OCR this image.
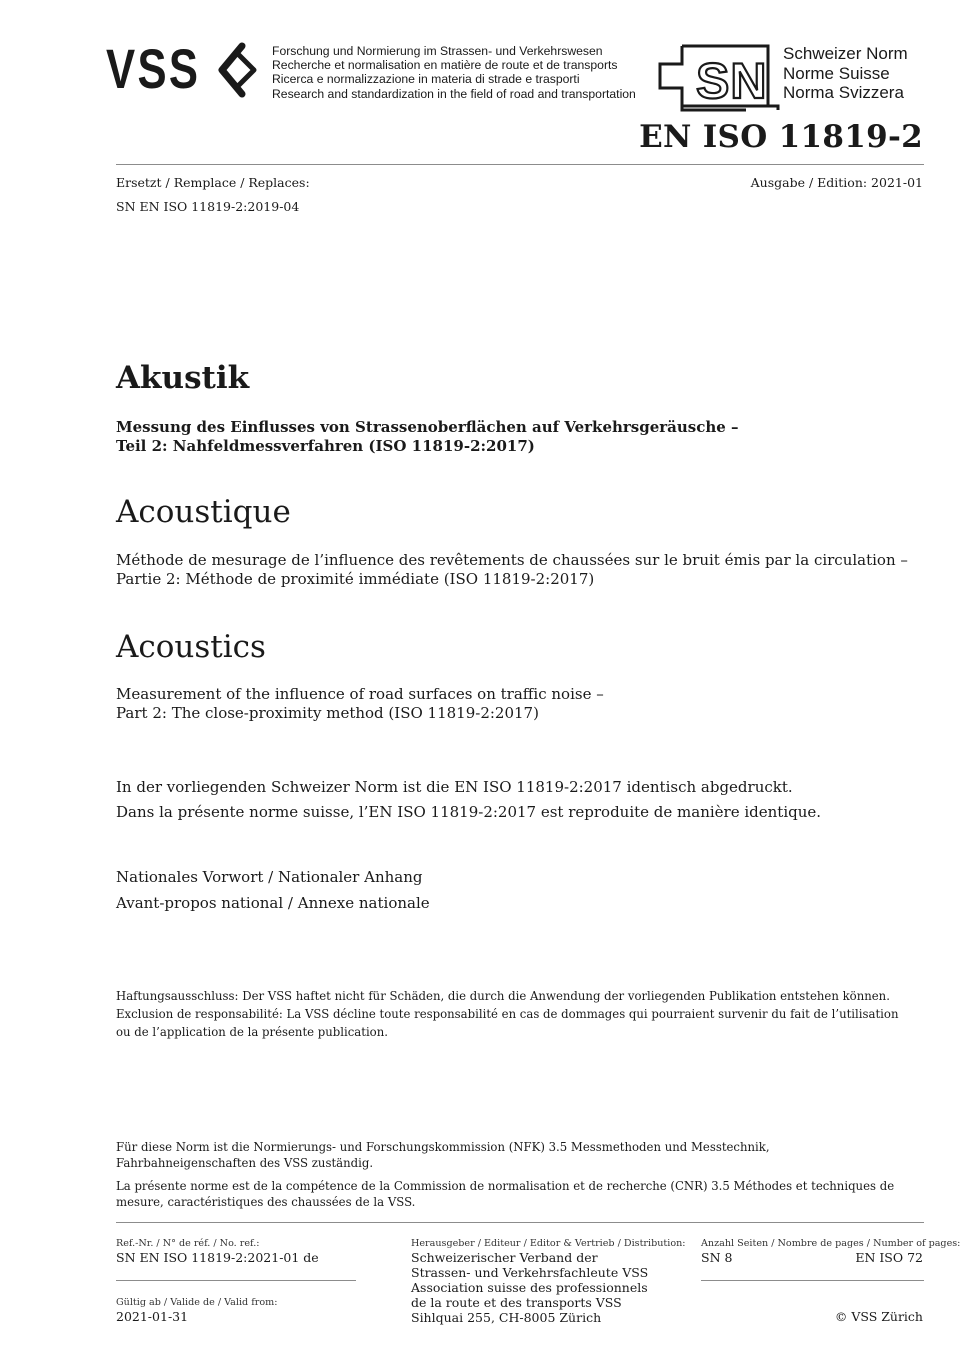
VSS	Forschung und Normierung im Strassen- und Verkehrswesen
Recherche et normalisation en matière de route et de transports
Ricerca e normalizzazione in materia di strade e trasporti
Research and standardization in the field of road and transportation SN Schweizer Norm
Norme Suisse
Norma Svizzera
EN ISO 11819-2
Ersetzt / Remplace / Replaces:	Ausgabe / Edition: 2021-01
SN EN ISO 11819-2:2019-04
Akustik
Messung des Einflusses von Strassenoberflächen auf Verkehrsgeräusche –
Teil 2: Nahfeldmessverfahren (ISO 11819-2:2017)
Acoustique
Méthode de mesurage de l’influence des revêtements de chaussées sur le bruit émis par la circulation –
Partie 2: Méthode de proximité immédiate (ISO 11819-2:2017)
Acoustics
Measurement of the influence of road surfaces on traffic noise –
Part 2: The close-proximity method (ISO 11819-2:2017)
In der vorliegenden Schweizer Norm ist die EN ISO 11819-2:2017 identisch abgedruckt.
Dans la présente norme suisse, l’EN ISO 11819-2:2017 est reproduite de manière identique.
Nationales Vorwort / Nationaler Anhang
Avant-propos national / Annexe nationale
Haftungsausschluss: Der VSS haftet nicht für Schäden, die durch die Anwendung der vorliegenden Publikation entstehen können.
Exclusion de responsabilité: La VSS décline toute responsabilité en cas de dommages qui pourraient survenir du fait de l’utilisation
ou de l’application de la présente publication.
Für diese Norm ist die Normierungs- und Forschungskommission (NFK) 3.5 Messmethoden und Messtechnik, Fahrbahneigenschaften des VSS zuständig.
La présente norme est de la compétence de la Commission de normalisation et de recherche (CNR) 3.5 Méthodes et techniques de mesure, caractéristiques des chaussées de la VSS.
Ref.-Nr. / N° de réf. / No. ref.:
SN EN ISO 11819-2:2021-01 de
Gültig ab / Valide de / Valid from:
2021-01-31
Herausgeber / Editeur / Editor & Vertrieb / Distribution:
Schweizerischer Verband der
Strassen- und Verkehrsfachleute VSS
Association suisse des professionnels
de la route et des transports VSS
Sihlquai 255, CH-8005 Zürich
Anzahl Seiten / Nombre de pages / Number of pages:
SN 8	EN ISO 72
© VSS Zürich
